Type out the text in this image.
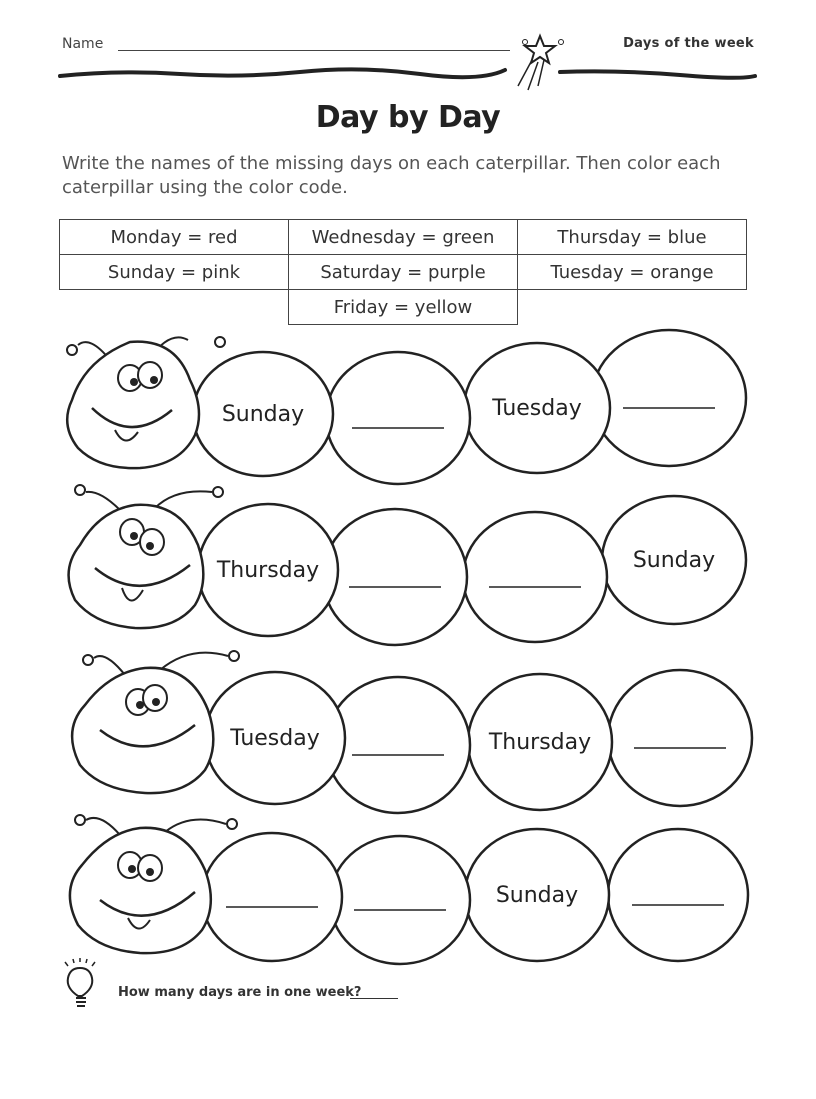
Name	Days of the week
Day by Day
Write the names of the missing days on each caterpillar. Then color each caterpillar using the color code.
Monday = red	Wednesday = green	Thursday = blue
Sunday = pink	Saturday = purple	Tuesday = orange
	Friday = yellow	
Sunday	Tuesday
Thursday	Sunday
Tuesday	Thursday
Sunday
How many days are in one week?
